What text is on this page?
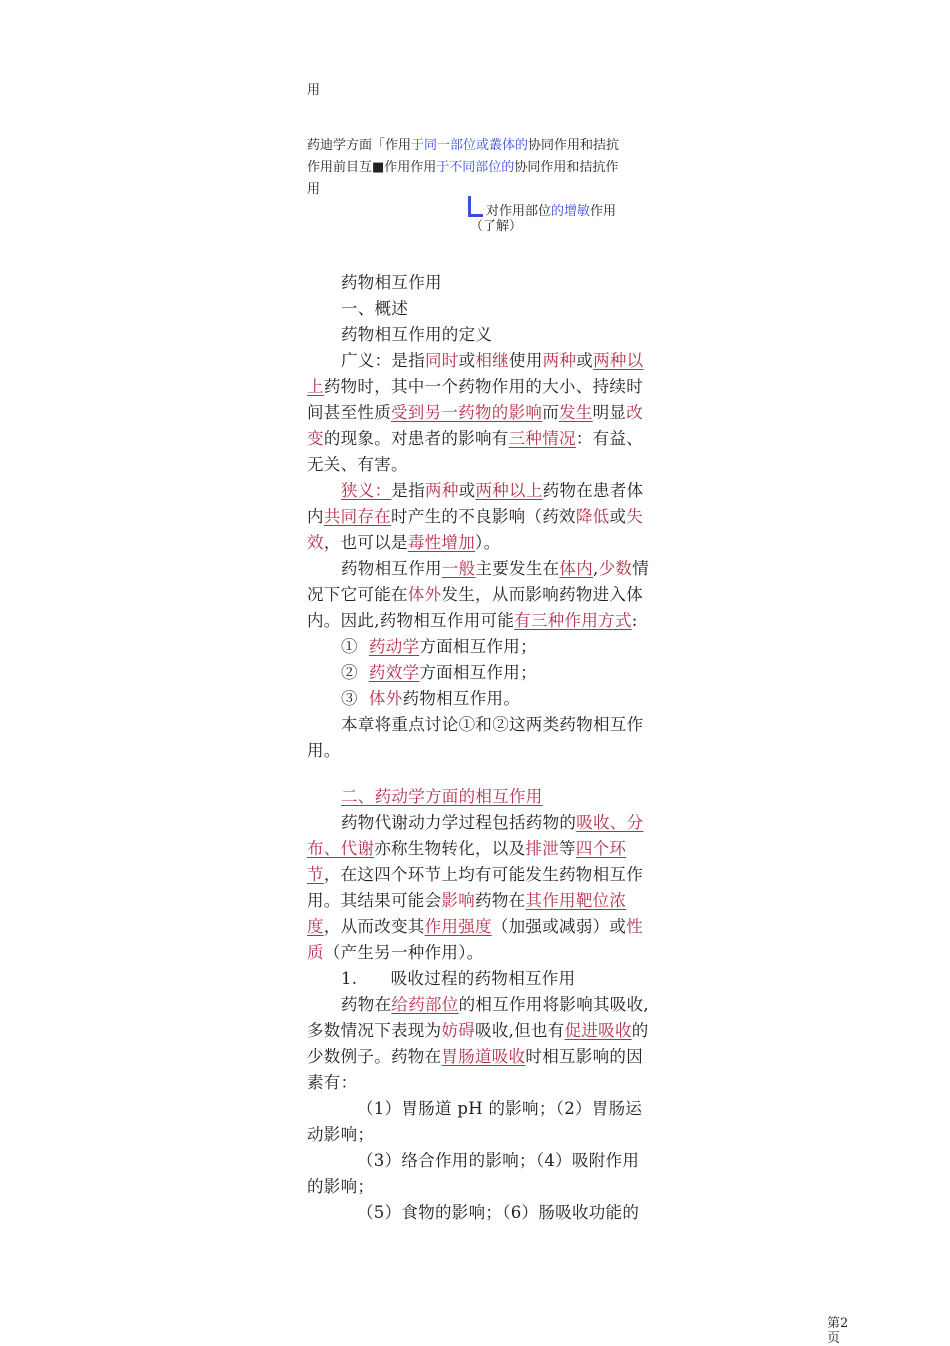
用
药迪学方面「作用于同一部位或叢体的协同作用和拮抗
作用前目互■作用作用于不同部位的协同作用和拮抗作
用
对作用部位的增敏作用
（了解）

药物相互作用

一、概述

药物相互作用的定义

广义：是指同时或相继使用两种或两种以上药物时，其中一个药物作用的大小、持续时间甚至性质受到另一药物的影响而发生明显改变的现象。对患者的影响有三种情况：有益、无关、有害。

狭义：是指两种或两种以上药物在患者体内共同存在时产生的不良影响（药效降低或失效，也可以是毒性增加）。

药物相互作用一般主要发生在体内,少数情况下它可能在体外发生，从而影响药物进入体内。因此,药物相互作用可能有三种作用方式:

① 药动学方面相互作用；

② 药效学方面相互作用；

③ 体外药物相互作用。

本章将重点讨论①和②这两类药物相互作用。

二、药动学方面的相互作用

药物代谢动力学过程包括药物的吸收、分布、代谢亦称生物转化，以及排泄等四个环节，在这四个环节上均有可能发生药物相互作用。其结果可能会影响药物在其作用靶位浓度，从而改变其作用强度（加强或减弱）或性质（产生另一种作用）。

1.      吸收过程的药物相互作用

药物在给药部位的相互作用将影响其吸收,多数情况下表现为妨碍吸收,但也有促进吸收的少数例子。药物在胃肠道吸收时相互影响的因素有：

（1）胃肠道 pH 的影响；（2）胃肠运动影响；

（3）络合作用的影响；（4）吸附作用的影响；

（5）食物的影响；（6）肠吸收功能的

第2页
